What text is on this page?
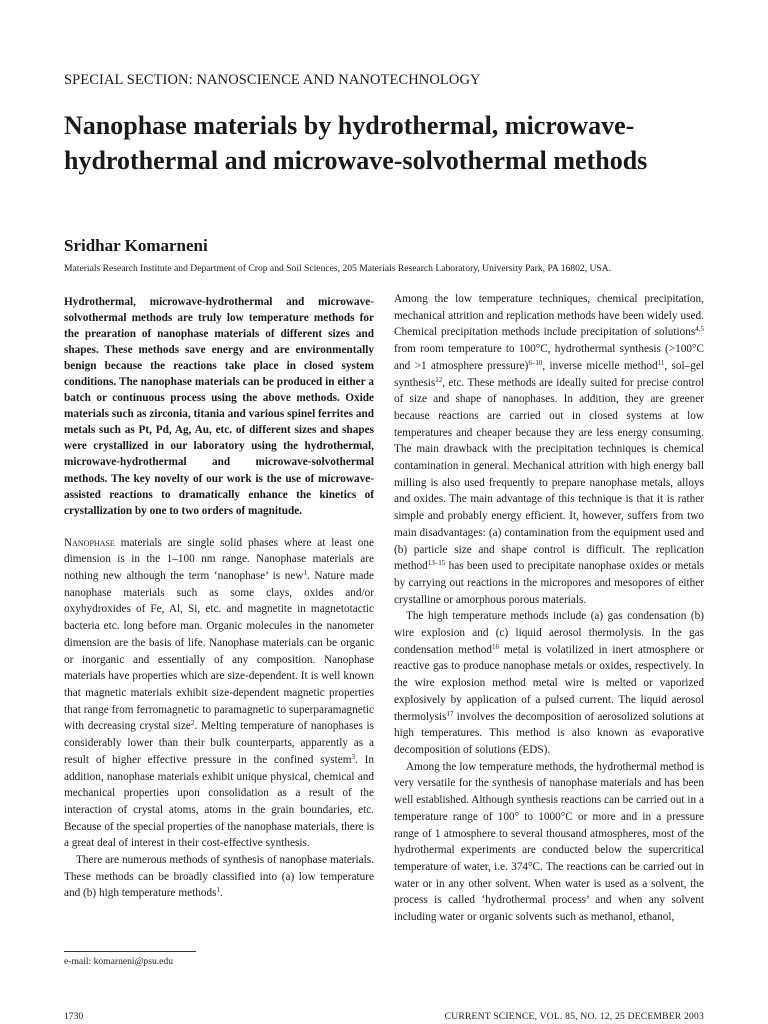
SPECIAL SECTION: NANOSCIENCE AND NANOTECHNOLOGY
Nanophase materials by hydrothermal, microwave-hydrothermal and microwave-solvothermal methods
Sridhar Komarneni
Materials Research Institute and Department of Crop and Soil Sciences, 205 Materials Research Laboratory, University Park, PA 16802, USA.

Hydrothermal, microwave-hydrothermal and microwave-solvothermal methods are truly low temperature methods for the prearation of nanophase materials of different sizes and shapes. These methods save energy and are environmentally benign because the reactions take place in closed system conditions. The nanophase materials can be produced in either a batch or continuous process using the above methods. Oxide materials such as zirconia, titania and various spinel ferrites and metals such as Pt, Pd, Ag, Au, etc. of different sizes and shapes were crystallized in our laboratory using the hydrothermal, microwave-hydrothermal and microwave-solvothermal methods. The key novelty of our work is the use of microwave-assisted reactions to dramatically enhance the kinetics of crystallization by one to two orders of magnitude.

Nanophase materials are single solid phases where at least one dimension is in the 1–100 nm range. Nanophase materials are nothing new although the term ‘nanophase’ is new$^1$. Nature made nanophase materials such as some clays, oxides and/or oxyhydroxides of Fe, Al, Si, etc. and magnetite in magnetotactic bacteria etc. long before man. Organic molecules in the nanometer dimension are the basis of life. Nanophase materials can be organic or inorganic and essentially of any composition. Nanophase materials have properties which are size-dependent. It is well known that magnetic materials exhibit size-dependent magnetic properties that range from ferromagnetic to paramagnetic to superparamagnetic with decreasing crystal size$^2$. Melting temperature of nanophases is considerably lower than their bulk counterparts, apparently as a result of higher effective pressure in the confined system$^3$. In addition, nanophase materials exhibit unique physical, chemical and mechanical properties upon consolidation as a result of the interaction of crystal atoms, atoms in the grain boundaries, etc. Because of the special properties of the nanophase materials, there is a great deal of interest in their cost-effective synthesis.

There are numerous methods of synthesis of nanophase materials. These methods can be broadly classified into (a) low temperature and (b) high temperature methods$^1$.

Among the low temperature techniques, chemical precipitation, mechanical attrition and replication methods have been widely used. Chemical precipitation methods include precipitation of solutions$^{4,5}$ from room temperature to 100°C, hydrothermal synthesis (>100°C and >1 atmosphere pressure)$^{6-10}$, inverse micelle method$^{11}$, sol–gel synthesis$^{12}$, etc. These methods are ideally suited for precise control of size and shape of nanophases. In addition, they are greener because reactions are carried out in closed systems at low temperatures and cheaper because they are less energy consuming. The main drawback with the precipitation techniques is chemical contamination in general. Mechanical attrition with high energy ball milling is also used frequently to prepare nanophase metals, alloys and oxides. The main advantage of this technique is that it is rather simple and probably energy efficient. It, however, suffers from two main disadvantages: (a) contamination from the equipment used and (b) particle size and shape control is difficult. The replication method$^{13-15}$ has been used to precipitate nanophase oxides or metals by carrying out reactions in the micropores and mesopores of either crystalline or amorphous porous materials.

The high temperature methods include (a) gas condensation (b) wire explosion and (c) liquid aerosol thermolysis. In the gas condensation method$^{16}$ metal is volatilized in inert atmosphere or reactive gas to produce nanophase metals or oxides, respectively. In the wire explosion method metal wire is melted or vaporized explosively by application of a pulsed current. The liquid aerosol thermolysis$^{17}$ involves the decomposition of aerosolized solutions at high temperatures. This method is also known as evaporative decomposition of solutions (EDS).

Among the low temperature methods, the hydrothermal method is very versatile for the synthesis of nanophase materials and has been well established. Although synthesis reactions can be carried out in a temperature range of 100° to 1000°C or more and in a pressure range of 1 atmosphere to several thousand atmospheres, most of the hydrothermal experiments are conducted below the supercritical temperature of water, i.e. 374°C. The reactions can be carried out in water or in any other solvent. When water is used as a solvent, the process is called ‘hydrothermal process’ and when any solvent including water or organic solvents such as methanol, ethanol,

e-mail: komarneni@psu.edu
1730	CURRENT SCIENCE, VOL. 85, NO. 12, 25 DECEMBER 2003
